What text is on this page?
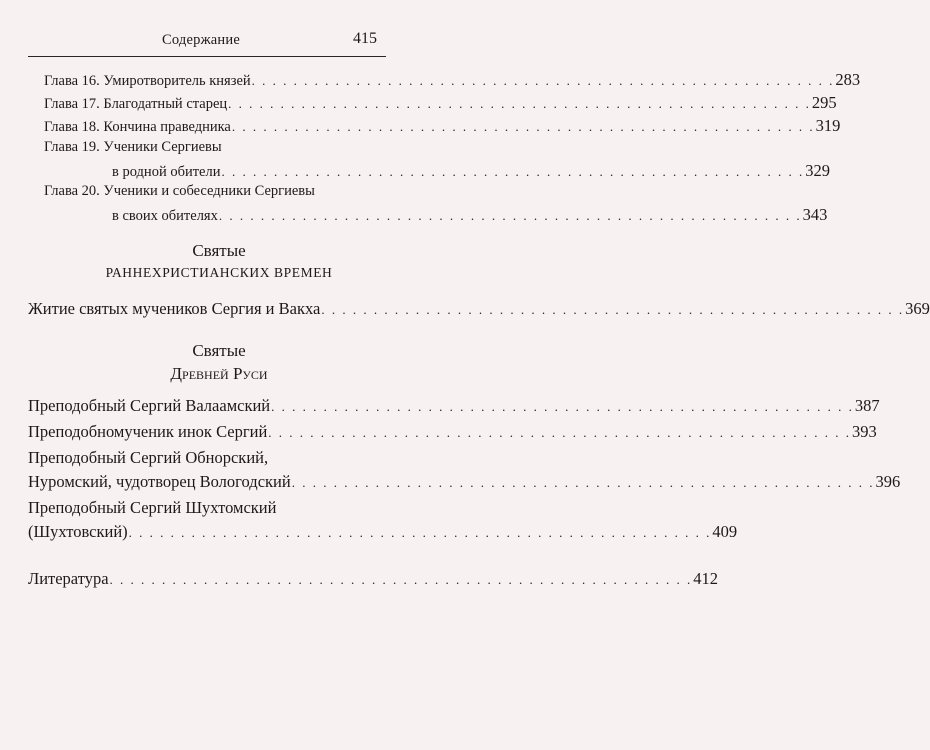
Содержание	415
Глава 16. Умиротворитель князей . . . . . . . . . . . . . . . . . . . . . . . . . . . . . . . . . . . . . . . . . . . . . . . . . . . . . . . . 283
Глава 17. Благодатный старец . . . . . . . . . . . . . . . . . . . . . . . . . . . . . . . . . . . . . . . . . . . . . . . . . . . . . . . . 295
Глава 18. Кончина праведника . . . . . . . . . . . . . . . . . . . . . . . . . . . . . . . . . . . . . . . . . . . . . . . . . . . . . . . . 319
Глава 19. Ученики Сергиевы
в родной обители . . . . . . . . . . . . . . . . . . . . . . . . . . . . . . . . . . . . . . . . . . . . . . . . . . . . . . . . 329
Глава 20. Ученики и собеседники Сергиевы
в своих обителях . . . . . . . . . . . . . . . . . . . . . . . . . . . . . . . . . . . . . . . . . . . . . . . . . . . . . . . . 343
Святые
РАННЕХРИСТИАНСКИХ ВРЕМЕН
Житие святых мучеников Сергия и Вакха . . . . . . . . . . . . . . . . . . . . . . . . . . . . . . . . . . . . . . . . . . . . . . . . . . . . . . . . 369
Святые
Древней Руси
Преподобный Сергий Валаамский . . . . . . . . . . . . . . . . . . . . . . . . . . . . . . . . . . . . . . . . . . . . . . . . . . . . . . . . 387
Преподобномученик инок Сергий . . . . . . . . . . . . . . . . . . . . . . . . . . . . . . . . . . . . . . . . . . . . . . . . . . . . . . . . 393
Преподобный Сергий Обнорский,
Нуромский, чудотворец Вологодский . . . . . . . . . . . . . . . . . . . . . . . . . . . . . . . . . . . . . . . . . . . . . . . . . . . . . . . . 396
Преподобный Сергий Шухтомский
(Шухтовский) . . . . . . . . . . . . . . . . . . . . . . . . . . . . . . . . . . . . . . . . . . . . . . . . . . . . . . . . 409
Литература . . . . . . . . . . . . . . . . . . . . . . . . . . . . . . . . . . . . . . . . . . . . . . . . . . . . . . . . 412
